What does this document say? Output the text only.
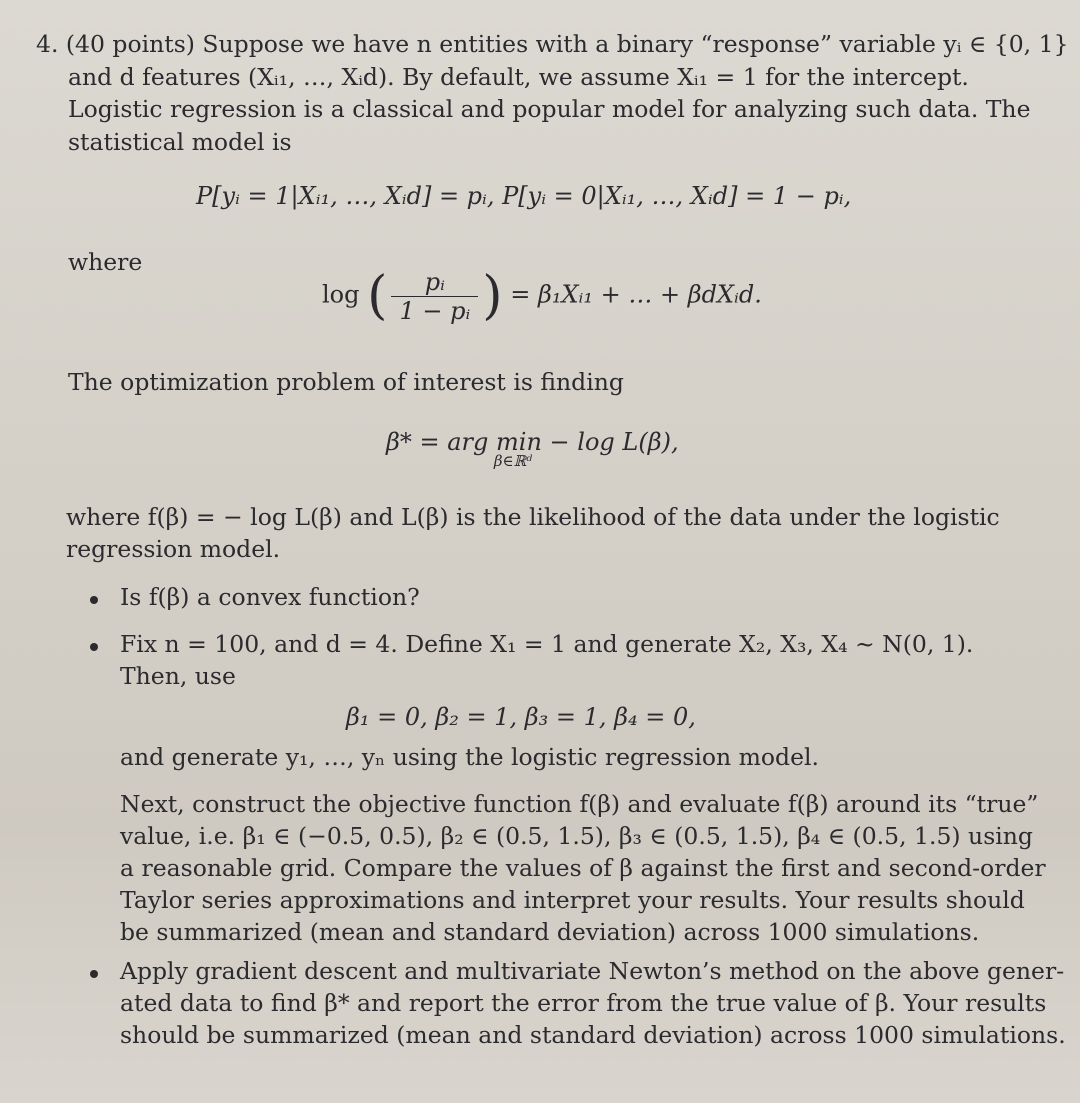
4. (40 points) Suppose we have n entities with a binary “response” variable yᵢ ∈ {0, 1}
and d features (Xᵢ₁, …, Xᵢd). By default, we assume Xᵢ₁ = 1 for the intercept.
Logistic regression is a classical and popular model for analyzing such data. The
statistical model is
P[yᵢ = 1|Xᵢ₁, …, Xᵢd] = pᵢ, P[yᵢ = 0|Xᵢ₁, …, Xᵢd] = 1 − pᵢ,
where
log ( $\frac{\text{pᵢ}}{\text{1 − pᵢ}}$ ) = β₁Xᵢ₁ + … + βdXᵢd.
The optimization problem of interest is finding
β* = arg min
β∈ℝᵈ
− log L(β),
where f(β) = − log L(β) and L(β) is the likelihood of the data under the logistic
regression model.
Is f(β) a convex function?
Fix n = 100, and d = 4. Define X₁ = 1 and generate X₂, X₃, X₄ ~ N(0, 1).
Then, use
β₁ = 0, β₂ = 1, β₃ = 1, β₄ = 0,
and generate y₁, …, yₙ using the logistic regression model.
Next, construct the objective function f(β) and evaluate f(β) around its “true”
value, i.e. β₁ ∈ (−0.5, 0.5), β₂ ∈ (0.5, 1.5), β₃ ∈ (0.5, 1.5), β₄ ∈ (0.5, 1.5) using
a reasonable grid. Compare the values of β against the first and second-order
Taylor series approximations and interpret your results. Your results should
be summarized (mean and standard deviation) across 1000 simulations.
Apply gradient descent and multivariate Newton’s method on the above gener-
ated data to find β* and report the error from the true value of β. Your results
should be summarized (mean and standard deviation) across 1000 simulations.
